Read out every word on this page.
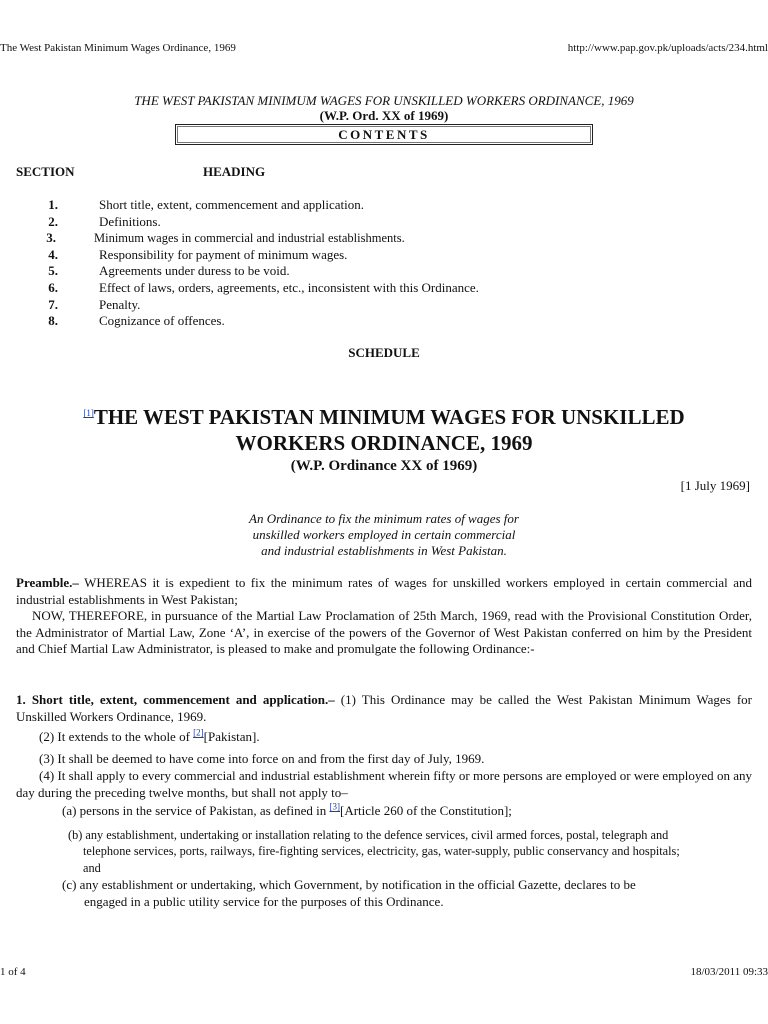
The West Pakistan Minimum Wages Ordinance, 1969	http://www.pap.gov.pk/uploads/acts/234.html
THE WEST PAKISTAN MINIMUM WAGES FOR UNSKILLED WORKERS ORDINANCE, 1969
(W.P. Ord. XX of 1969)
CONTENTS
SECTION	HEADING
1.	Short title, extent, commencement and application.
2.	Definitions.
3.	Minimum wages in commercial and industrial establishments.
4.	Responsibility for payment of minimum wages.
5.	Agreements under duress to be void.
6.	Effect of laws, orders, agreements, etc., inconsistent with this Ordinance.
7.	Penalty.
8.	Cognizance of offences.
SCHEDULE
[1]THE WEST PAKISTAN MINIMUM WAGES FOR UNSKILLED
WORKERS ORDINANCE, 1969
(W.P. Ordinance XX of 1969)
[1 July 1969]
An Ordinance to fix the minimum rates of wages for
unskilled workers employed in certain commercial
and industrial establishments in West Pakistan.
Preamble.– WHEREAS it is expedient to fix the minimum rates of wages for unskilled workers employed in certain commercial and industrial establishments in West Pakistan;
NOW, THEREFORE, in pursuance of the Martial Law Proclamation of 25th March, 1969, read with the Provisional Constitution Order, the Administrator of Martial Law, Zone ‘A’, in exercise of the powers of the Governor of West Pakistan conferred on him by the President and Chief Martial Law Administrator, is pleased to make and promulgate the following Ordinance:-
1. Short title, extent, commencement and application.– (1) This Ordinance may be called the West Pakistan Minimum Wages for Unskilled Workers Ordinance, 1969.
(2) It extends to the whole of [2][Pakistan].
(3) It shall be deemed to have come into force on and from the first day of July, 1969.
(4) It shall apply to every commercial and industrial establishment wherein fifty or more persons are employed or were employed on any day during the preceding twelve months, but shall not apply to–
(a) persons in the service of Pakistan, as defined in [3][Article 260 of the Constitution];
(b) any establishment, undertaking or installation relating to the defence services, civil armed forces, postal, telegraph and
telephone services, ports, railways, fire-fighting services, electricity, gas, water-supply, public conservancy and hospitals;
and
(c) any establishment or undertaking, which Government, by notification in the official Gazette, declares to be
engaged in a public utility service for the purposes of this Ordinance.
1 of 4	18/03/2011 09:33
